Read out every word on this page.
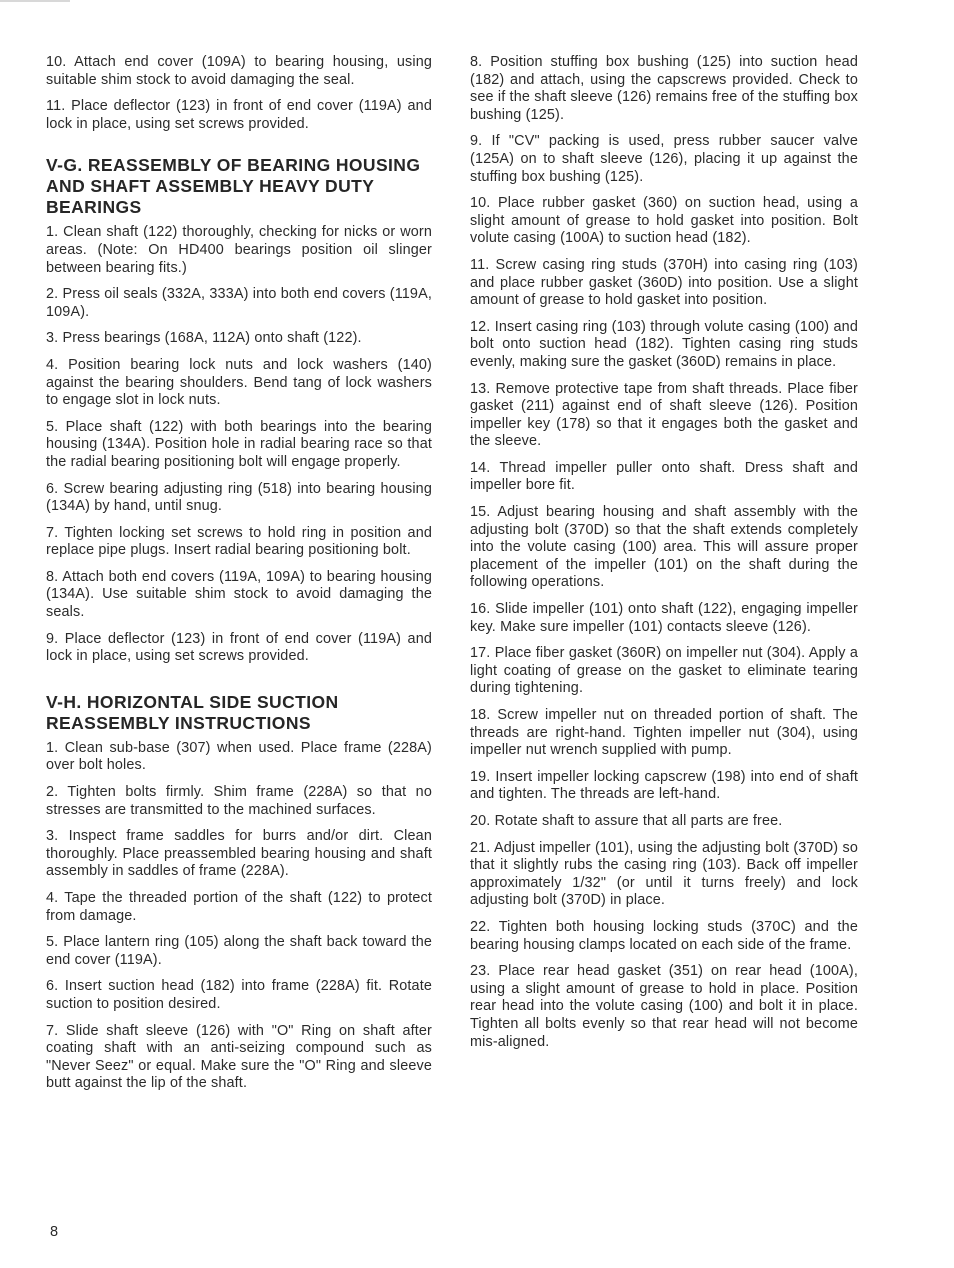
10. Attach end cover (109A) to bearing housing, using suitable shim stock to avoid damaging the seal.

11. Place deflector (123) in front of end cover (119A) and lock in place, using set screws provided.

V-G. REASSEMBLY OF BEARING HOUSING AND SHAFT ASSEMBLY HEAVY DUTY BEARINGS

1. Clean shaft (122) thoroughly, checking for nicks or worn areas. (Note: On HD400 bearings position oil slinger between bearing fits.)

2. Press oil seals (332A, 333A) into both end covers (119A, 109A).

3. Press bearings (168A, 112A) onto shaft (122).

4. Position bearing lock nuts and lock washers (140) against the bearing shoulders. Bend tang of lock washers to engage slot in lock nuts.

5. Place shaft (122) with both bearings into the bearing housing (134A). Position hole in radial bearing race so that the radial bearing positioning bolt will engage properly.

6. Screw bearing adjusting ring (518) into bearing housing (134A) by hand, until snug.

7. Tighten locking set screws to hold ring in position and replace pipe plugs. Insert radial bearing positioning bolt.

8. Attach both end covers (119A, 109A) to bearing housing (134A). Use suitable shim stock to avoid damaging the seals.

9. Place deflector (123) in front of end cover (119A) and lock in place, using set screws provided.

V-H. HORIZONTAL SIDE SUCTION REASSEMBLY INSTRUCTIONS

1. Clean sub-base (307) when used. Place frame (228A) over bolt holes.

2. Tighten bolts firmly. Shim frame (228A) so that no stresses are transmitted to the machined surfaces.

3. Inspect frame saddles for burrs and/or dirt. Clean thoroughly. Place preassembled bearing housing and shaft assembly in saddles of frame (228A).

4. Tape the threaded portion of the shaft (122) to protect from damage.

5. Place lantern ring (105) along the shaft back toward the end cover (119A).

6. Insert suction head (182) into frame (228A) fit. Rotate suction to position desired.

7. Slide shaft sleeve (126) with "O" Ring on shaft after coating shaft with an anti-seizing compound such as "Never Seez" or equal. Make sure the "O" Ring and sleeve butt against the lip of the shaft.

8. Position stuffing box bushing (125) into suction head (182) and attach, using the capscrews provided. Check to see if the shaft sleeve (126) remains free of the stuffing box bushing (125).

9. If "CV" packing is used, press rubber saucer valve (125A) on to shaft sleeve (126), placing it up against the stuffing box bushing (125).

10. Place rubber gasket (360) on suction head, using a slight amount of grease to hold gasket into position. Bolt volute casing (100A) to suction head (182).

11. Screw casing ring studs (370H) into casing ring (103) and place rubber gasket (360D) into position. Use a slight amount of grease to hold gasket into position.

12. Insert casing ring (103) through volute casing (100) and bolt onto suction head (182). Tighten casing ring studs evenly, making sure the gasket (360D) remains in place.

13. Remove protective tape from shaft threads. Place fiber gasket (211) against end of shaft sleeve (126). Position impeller key (178) so that it engages both the gasket and the sleeve.

14. Thread impeller puller onto shaft. Dress shaft and impeller bore fit.

15. Adjust bearing housing and shaft assembly with the adjusting bolt (370D) so that the shaft extends completely into the volute casing (100) area. This will assure proper placement of the impeller (101) on the shaft during the following operations.

16. Slide impeller (101) onto shaft (122), engaging impeller key. Make sure impeller (101) contacts sleeve (126).

17. Place fiber gasket (360R) on impeller nut (304). Apply a light coating of grease on the gasket to eliminate tearing during tightening.

18. Screw impeller nut on threaded portion of shaft. The threads are right-hand. Tighten impeller nut (304), using impeller nut wrench supplied with pump.

19. Insert impeller locking capscrew (198) into end of shaft and tighten. The threads are left-hand.

20. Rotate shaft to assure that all parts are free.

21. Adjust impeller (101), using the adjusting bolt (370D) so that it slightly rubs the casing ring (103). Back off impeller approximately 1/32" (or until it turns freely) and lock adjusting bolt (370D) in place.

22. Tighten both housing locking studs (370C) and the bearing housing clamps located on each side of the frame.

23. Place rear head gasket (351) on rear head (100A), using a slight amount of grease to hold in place. Position rear head into the volute casing (100) and bolt it in place. Tighten all bolts evenly so that rear head will not become mis-aligned.

8
